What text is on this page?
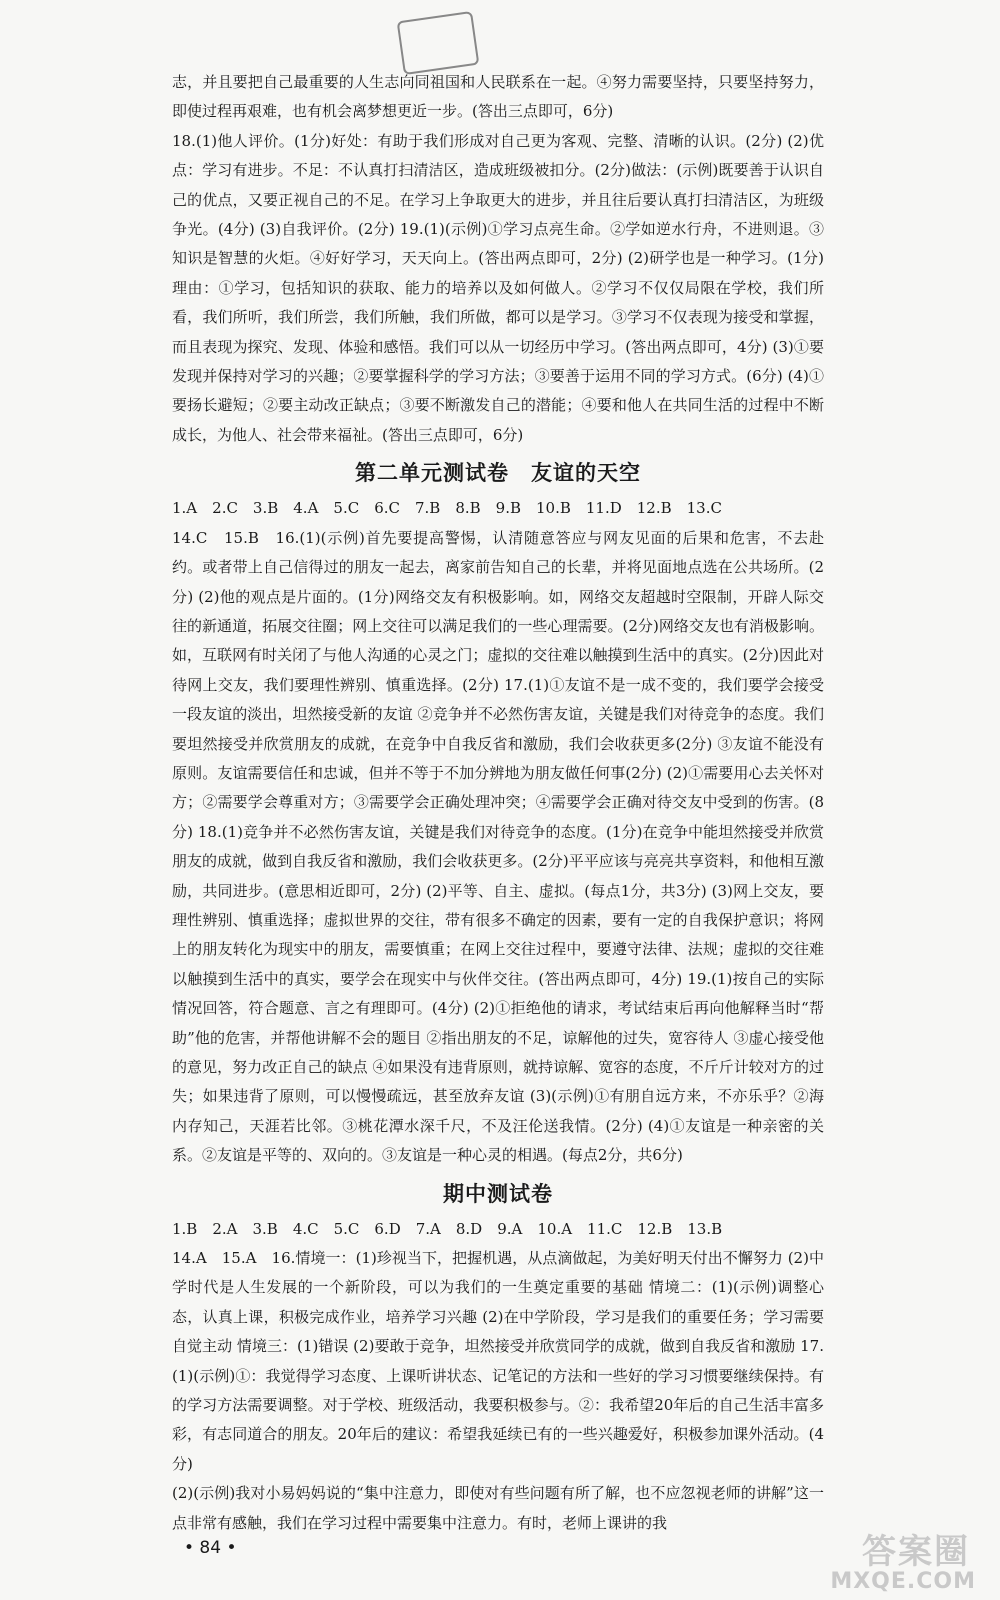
志，并且要把自己最重要的人生志向同祖国和人民联系在一起。④努力需要坚持，只要坚持努力，即使过程再艰难，也有机会离梦想更近一步。(答出三点即可，6分)

18.(1)他人评价。(1分)好处：有助于我们形成对自己更为客观、完整、清晰的认识。(2分) (2)优点：学习有进步。不足：不认真打扫清洁区，造成班级被扣分。(2分)做法：(示例)既要善于认识自己的优点，又要正视自己的不足。在学习上争取更大的进步，并且往后要认真打扫清洁区，为班级争光。(4分) (3)自我评价。(2分) 19.(1)(示例)①学习点亮生命。②学如逆水行舟，不进则退。③知识是智慧的火炬。④好好学习，天天向上。(答出两点即可，2分) (2)研学也是一种学习。(1分)理由：①学习，包括知识的获取、能力的培养以及如何做人。②学习不仅仅局限在学校，我们所看，我们所听，我们所尝，我们所触，我们所做，都可以是学习。③学习不仅表现为接受和掌握，而且表现为探究、发现、体验和感悟。我们可以从一切经历中学习。(答出两点即可，4分) (3)①要发现并保持对学习的兴趣；②要掌握科学的学习方法；③要善于运用不同的学习方式。(6分) (4)①要扬长避短；②要主动改正缺点；③要不断激发自己的潜能；④要和他人在共同生活的过程中不断成长，为他人、社会带来福祉。(答出三点即可，6分)

第二单元测试卷　友谊的天空

1.A　2.C　3.B　4.A　5.C　6.C　7.B　8.B　9.B　10.B　11.D　12.B　13.C

14.C　15.B　16.(1)(示例)首先要提高警惕，认清随意答应与网友见面的后果和危害，不去赴约。或者带上自己信得过的朋友一起去，离家前告知自己的长辈，并将见面地点选在公共场所。(2分) (2)他的观点是片面的。(1分)网络交友有积极影响。如，网络交友超越时空限制，开辟人际交往的新通道，拓展交往圈；网上交往可以满足我们的一些心理需要。(2分)网络交友也有消极影响。如，互联网有时关闭了与他人沟通的心灵之门；虚拟的交往难以触摸到生活中的真实。(2分)因此对待网上交友，我们要理性辨别、慎重选择。(2分) 17.(1)①友谊不是一成不变的，我们要学会接受一段友谊的淡出，坦然接受新的友谊 ②竞争并不必然伤害友谊，关键是我们对待竞争的态度。我们要坦然接受并欣赏朋友的成就，在竞争中自我反省和激励，我们会收获更多(2分) ③友谊不能没有原则。友谊需要信任和忠诚，但并不等于不加分辨地为朋友做任何事(2分) (2)①需要用心去关怀对方；②需要学会尊重对方；③需要学会正确处理冲突；④需要学会正确对待交友中受到的伤害。(8分) 18.(1)竞争并不必然伤害友谊，关键是我们对待竞争的态度。(1分)在竞争中能坦然接受并欣赏朋友的成就，做到自我反省和激励，我们会收获更多。(2分)平平应该与亮亮共享资料，和他相互激励，共同进步。(意思相近即可，2分) (2)平等、自主、虚拟。(每点1分，共3分) (3)网上交友，要理性辨别、慎重选择；虚拟世界的交往，带有很多不确定的因素，要有一定的自我保护意识；将网上的朋友转化为现实中的朋友，需要慎重；在网上交往过程中，要遵守法律、法规；虚拟的交往难以触摸到生活中的真实，要学会在现实中与伙伴交往。(答出两点即可，4分) 19.(1)按自己的实际情况回答，符合题意、言之有理即可。(4分) (2)①拒绝他的请求，考试结束后再向他解释当时“帮助”他的危害，并帮他讲解不会的题目 ②指出朋友的不足，谅解他的过失，宽容待人 ③虚心接受他的意见，努力改正自己的缺点 ④如果没有违背原则，就持谅解、宽容的态度，不斤斤计较对方的过失；如果违背了原则，可以慢慢疏远，甚至放弃友谊 (3)(示例)①有朋自远方来，不亦乐乎？②海内存知己，天涯若比邻。③桃花潭水深千尺，不及汪伦送我情。(2分) (4)①友谊是一种亲密的关系。②友谊是平等的、双向的。③友谊是一种心灵的相遇。(每点2分，共6分)

期中测试卷

1.B　2.A　3.B　4.C　5.C　6.D　7.A　8.D　9.A　10.A　11.C　12.B　13.B

14.A　15.A　16.情境一：(1)珍视当下，把握机遇，从点滴做起，为美好明天付出不懈努力 (2)中学时代是人生发展的一个新阶段，可以为我们的一生奠定重要的基础 情境二：(1)(示例)调整心态，认真上课，积极完成作业，培养学习兴趣 (2)在中学阶段，学习是我们的重要任务；学习需要自觉主动 情境三：(1)错误 (2)要敢于竞争，坦然接受并欣赏同学的成就，做到自我反省和激励 17.(1)(示例)①：我觉得学习态度、上课听讲状态、记笔记的方法和一些好的学习习惯要继续保持。有的学习方法需要调整。对于学校、班级活动，我要积极参与。②：我希望20年后的自己生活丰富多彩，有志同道合的朋友。20年后的建议：希望我延续已有的一些兴趣爱好，积极参加课外活动。(4分)

(2)(示例)我对小易妈妈说的“集中注意力，即使对有些问题有所了解，也不应忽视老师的讲解”这一点非常有感触，我们在学习过程中需要集中注意力。有时，老师上课讲的我

• 84 •	答案圈
MXQE.COM
